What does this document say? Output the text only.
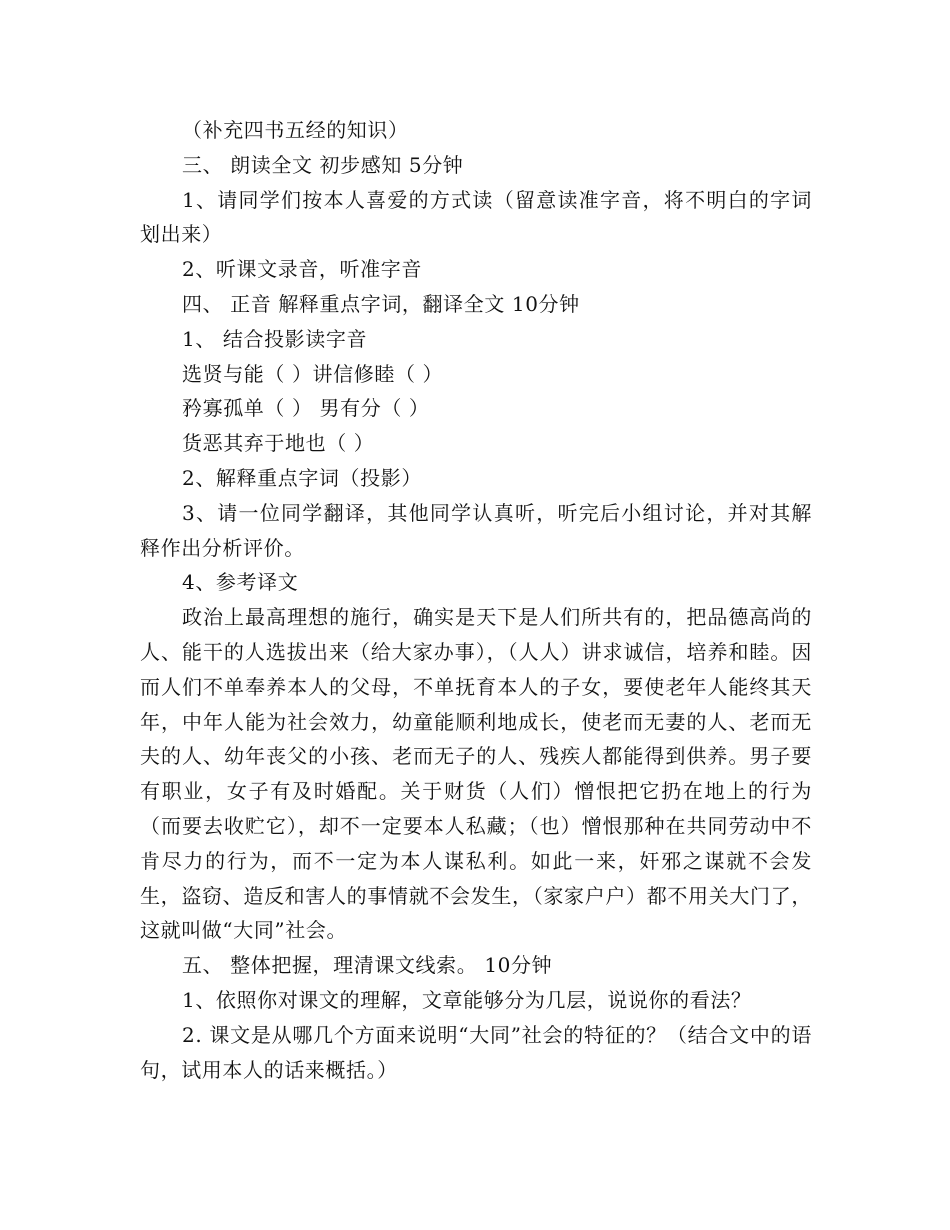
（补充四书五经的知识）

三、 朗读全文 初步感知 5分钟

1、请同学们按本人喜爱的方式读（留意读准字音，将不明白的字词划出来）

2、听课文录音，听准字音

四、 正音 解释重点字词，翻译全文 10分钟

1、 结合投影读字音

选贤与能（ ）讲信修睦（ ）

矜寡孤单（ ） 男有分（ ）

货恶其弃于地也（ ）

2、解释重点字词（投影）

3、请一位同学翻译，其他同学认真听，听完后小组讨论，并对其解释作出分析评价。

4、参考译文

政治上最高理想的施行，确实是天下是人们所共有的，把品德高尚的人、能干的人选拔出来（给大家办事），（人人）讲求诚信，培养和睦。因而人们不单奉养本人的父母，不单抚育本人的子女，要使老年人能终其天年，中年人能为社会效力，幼童能顺利地成长，使老而无妻的人、老而无夫的人、幼年丧父的小孩、老而无子的人、残疾人都能得到供养。男子要有职业，女子有及时婚配。关于财货（人们）憎恨把它扔在地上的行为（而要去收贮它），却不一定要本人私藏；（也）憎恨那种在共同劳动中不肯尽力的行为，而不一定为本人谋私利。如此一来，奸邪之谋就不会发生，盗窃、造反和害人的事情就不会发生，（家家户户）都不用关大门了，这就叫做“大同”社会。

五、 整体把握，理清课文线索。 10分钟

1、依照你对课文的理解，文章能够分为几层，说说你的看法？

2. 课文是从哪几个方面来说明“大同”社会的特征的？（结合文中的语句，试用本人的话来概括。）
